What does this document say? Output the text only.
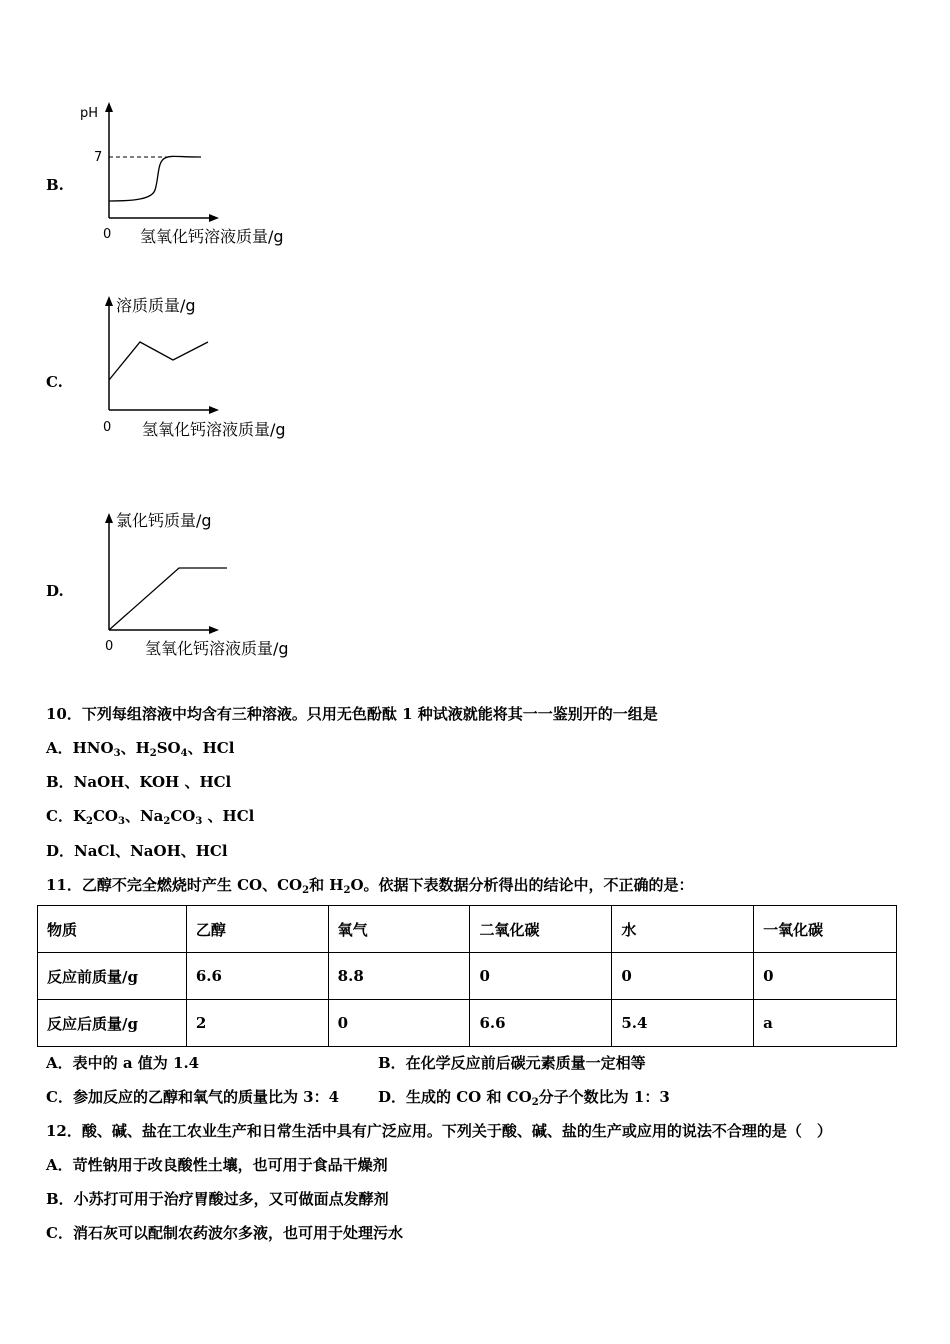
B.
pH
7
0 氢氧化钙溶液质量/g
C.
溶质质量/g
0 氢氧化钙溶液质量/g
D.
氯化钙质量/g
0 氢氧化钙溶液质量/g
10．下列每组溶液中均含有三种溶液。只用无色酚酞 1 种试液就能将其一一鉴别开的一组是
A．$HNO_3$、$H_2SO_4$、HCl
B．NaOH、KOH 、HCl
C．$K_2CO_3$、$Na_2CO_3$ 、HCl
D．NaCl、NaOH、HCl
11．乙醇不完全燃烧时产生 CO、$CO_2$和 $H_2O$。依据下表数据分析得出的结论中，不正确的是：
物质	乙醇	氧气	二氧化碳	水	一氧化碳
反应前质量/g	6.6	8.8	0	0	0
反应后质量/g	2	0	6.6	5.4	a
A．表中的 a 值为 1.4	B．在化学反应前后碳元素质量一定相等
C．参加反应的乙醇和氧气的质量比为 3：4	D．生成的 CO 和 $CO_2$分子个数比为 1：3
12．酸、碱、盐在工农业生产和日常生活中具有广泛应用。下列关于酸、碱、盐的生产或应用的说法不合理的是（　）
A．苛性钠用于改良酸性土壤，也可用于食品干燥剂
B．小苏打可用于治疗胃酸过多，又可做面点发酵剂
C．消石灰可以配制农药波尔多液，也可用于处理污水
